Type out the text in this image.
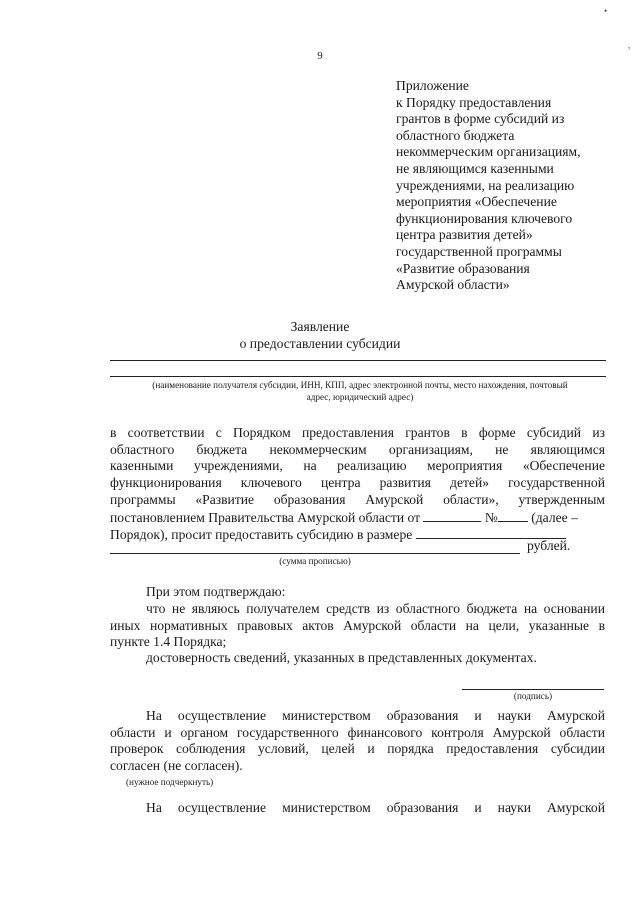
•
,
9
Приложение
к Порядку предоставления
грантов в форме субсидий из
областного бюджета
некоммерческим организациям,
не являющимся казенными
учреждениями, на реализацию
мероприятия «Обеспечение
функционирования ключевого
центра развития детей»
государственной программы
«Развитие образования
Амурской области»
Заявление
о предоставлении субсидии
(наименование получателя субсидии, ИНН, КПП, адрес электронной почты, место нахождения, почтовый
адрес, юридический адрес)
в соответствии с Порядком предоставления грантов в форме субсидий из
областного бюджета некоммерческим организациям, не являющимся
казенными учреждениями, на реализацию мероприятия «Обеспечение
функционирования ключевого центра развития детей» государственной
программы «Развитие образования Амурской области», утвержденным
постановлением Правительства Амурской области от	№ (далее –
Порядок), просит предоставить субсидию в размере
рублей.
(сумма прописью)
При этом подтверждаю:
что не являюсь получателем средств из областного бюджета на основании
иных нормативных правовых актов Амурской области на цели, указанные в
пункте 1.4 Порядка;
достоверность сведений, указанных в представленных документах.
(подпись)
На осуществление министерством образования и науки Амурской
области и органом государственного финансового контроля Амурской области
проверок соблюдения условий, целей и порядка предоставления субсидии
согласен (не согласен).
(нужное подчеркнуть)
На осуществление министерством образования и науки Амурской
